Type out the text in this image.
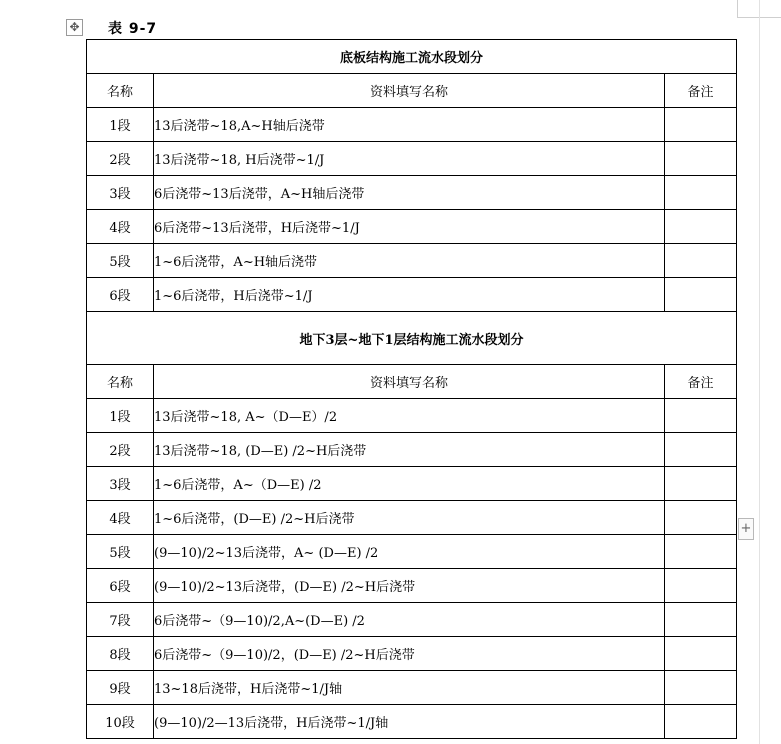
✥
+
表 9-7
底板结构施工流水段划分		
名称	资料填写名称	备注
1段	13后浇带~18,A~H轴后浇带	
2段	13后浇带~18, H后浇带~1/J	
3段	6后浇带~13后浇带，A~H轴后浇带	
4段	6后浇带~13后浇带，H后浇带~1/J	
5段	1~6后浇带，A~H轴后浇带	
6段	1~6后浇带，H后浇带~1/J	
地下3层~地下1层结构施工流水段划分		
名称	资料填写名称	备注
1段	13后浇带~18, A~（D—E）/2	
2段	13后浇带~18, (D—E) /2~H后浇带	
3段	1~6后浇带，A~（D—E) /2	
4段	1~6后浇带，(D—E) /2~H后浇带	
5段	(9—10)/2~13后浇带，A~ (D—E) /2	
6段	(9—10)/2~13后浇带，(D—E) /2~H后浇带	
7段	6后浇带~（9—10)/2,A~(D—E) /2	
8段	6后浇带~（9—10)/2，(D—E) /2~H后浇带	
9段	13~18后浇带，H后浇带~1/J轴	
10段	(9—10)/2—13后浇带，H后浇带~1/J轴	
